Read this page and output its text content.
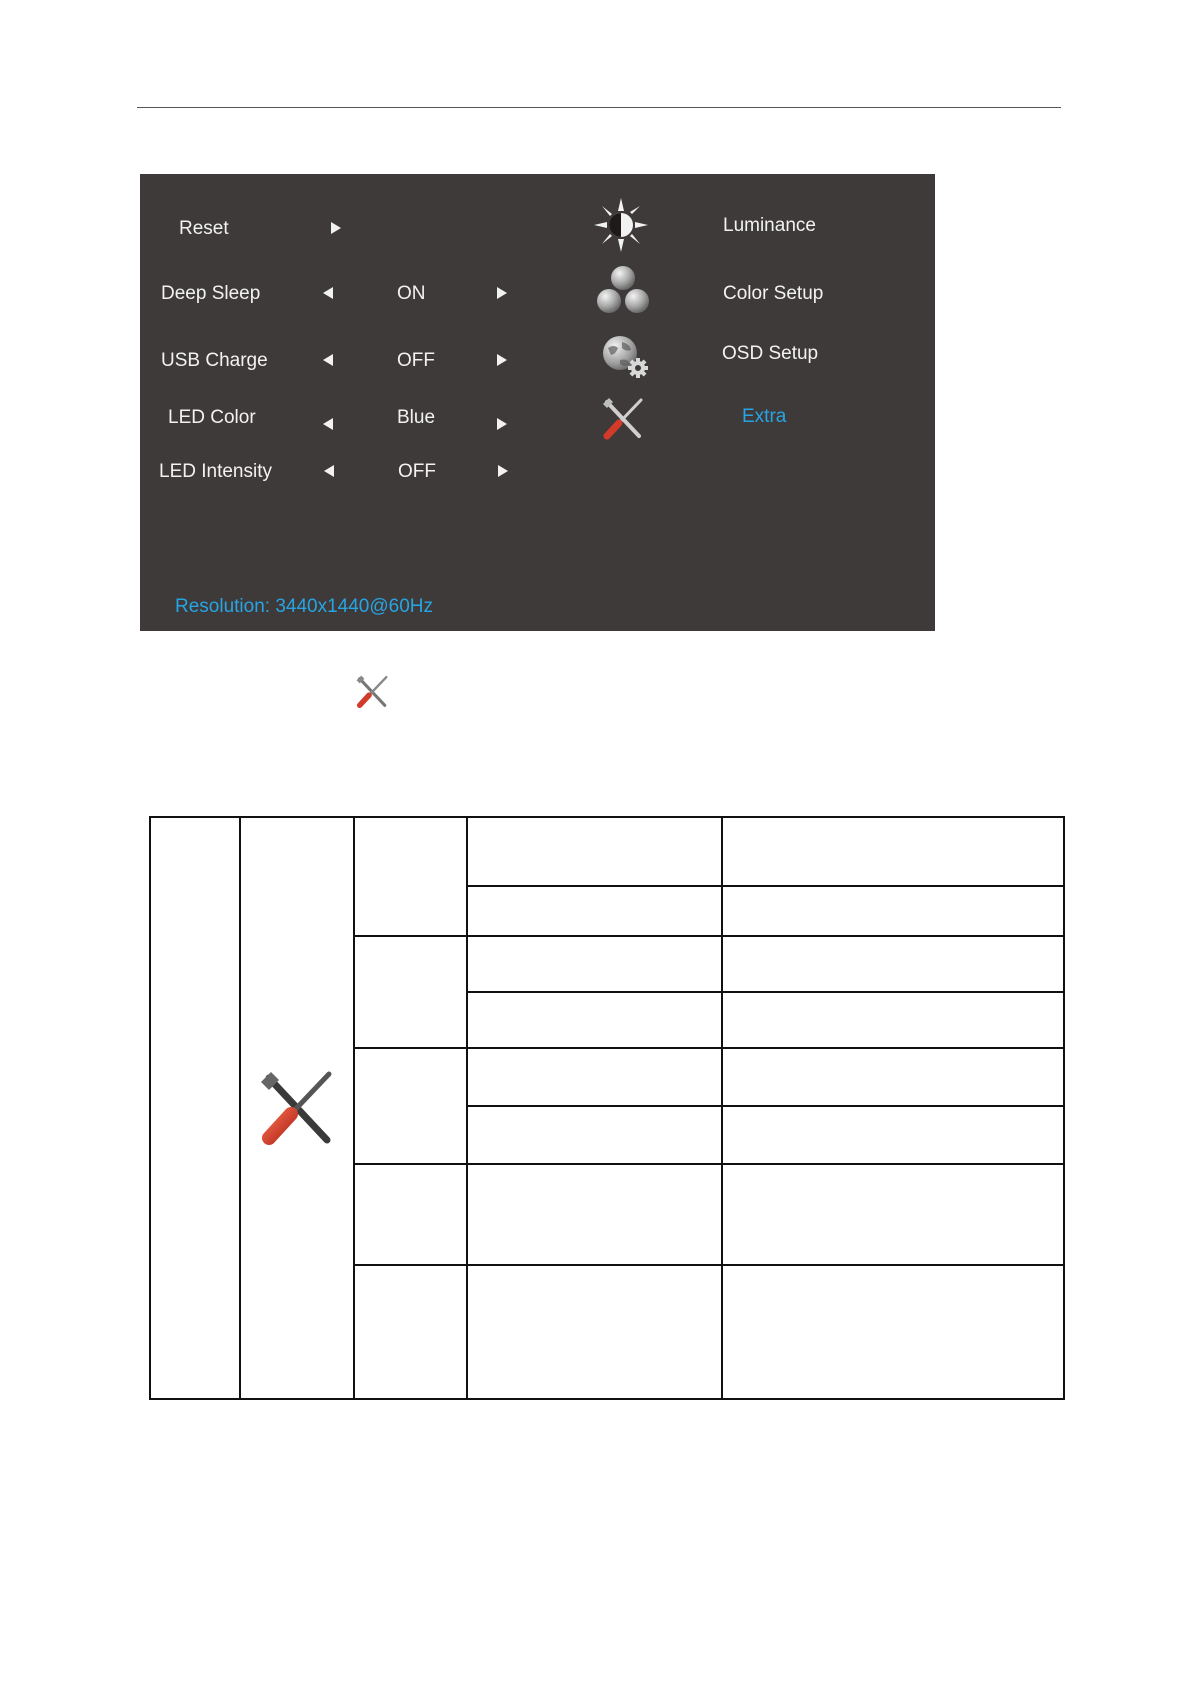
Reset
Deep Sleep	ON
USB Charge	OFF
LED Color	Blue
LED Intensity	OFF
Luminance
Color Setup
OSD Setup
Extra
Resolution: 3440x1440@60Hz
